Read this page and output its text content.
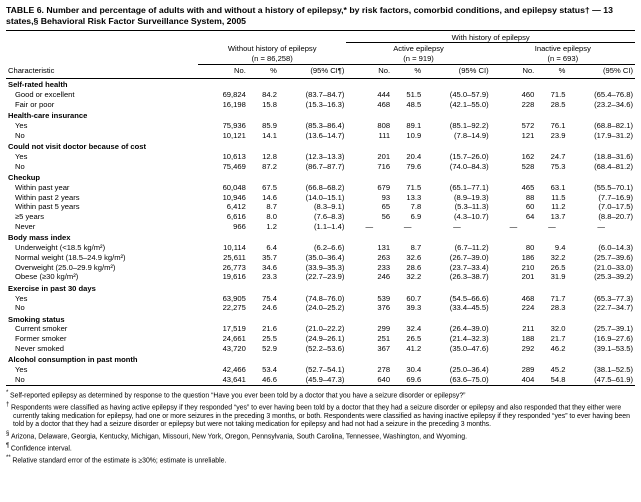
TABLE 6. Number and percentage of adults with and without a history of epilepsy,* by risk factors, comorbid conditions, and epilepsy status† — 13 states,§ Behavioral Risk Factor Surveillance System, 2005
				With history of epilepsy					

Without history of epilepsy
(n = 86,258)

Active epilepsy
(n = 919)

Inactive epilepsy
(n = 693)

Characteristic	No.	%	(95% CI¶)	No.	%	(95% CI)	No.	%	(95% CI)
Self-rated health									
Good or excellent	69,824	84.2	(83.7–84.7)	444	51.5	(45.0–57.9)	460	71.5	(65.4–76.8)
Fair or poor	16,198	15.8	(15.3–16.3)	468	48.5	(42.1–55.0)	228	28.5	(23.2–34.6)
Health-care insurance									
Yes	75,936	85.9	(85.3–86.4)	808	89.1	(85.1–92.2)	572	76.1	(68.8–82.1)
No	10,121	14.1	(13.6–14.7)	111	10.9	(7.8–14.9)	121	23.9	(17.9–31.2)
Could not visit doctor because of cost									
Yes	10,613	12.8	(12.3–13.3)	201	20.4	(15.7–26.0)	162	24.7	(18.8–31.6)
No	75,469	87.2	(86.7–87.7)	716	79.6	(74.0–84.3)	528	75.3	(68.4–81.2)
Checkup									
Within past year	60,048	67.5	(66.8–68.2)	679	71.5	(65.1–77.1)	465	63.1	(55.5–70.1)
Within past 2 years	10,946	14.6	(14.0–15.1)	93	13.3	(8.9–19.3)	88	11.5	(7.7–16.9)
Within past 5 years	6,412	8.7	(8.3–9.1)	65	7.8	(5.3–11.3)	60	11.2	(7.0–17.5)
≥5 years	6,616	8.0	(7.6–8.3)	56	6.9	(4.3–10.7)	64	13.7	(8.8–20.7)
Never	966	1.2	(1.1–1.4)	—	—	—	—	—	—
Body mass index									
Underweight (<18.5 kg/m²)	10,114	6.4	(6.2–6.6)	131	8.7	(6.7–11.2)	80	9.4	(6.0–14.3)
Normal weight (18.5–24.9 kg/m²)	25,611	35.7	(35.0–36.4)	263	32.6	(26.7–39.0)	186	32.2	(25.7–39.6)
Overweight (25.0–29.9 kg/m²)	26,773	34.6	(33.9–35.3)	233	28.6	(23.7–33.4)	210	26.5	(21.0–33.0)
Obese (≥30 kg/m²)	19,616	23.3	(22.7–23.9)	246	32.2	(26.3–38.7)	201	31.9	(25.3–39.2)
Exercise in past 30 days									
Yes	63,905	75.4	(74.8–76.0)	539	60.7	(54.5–66.6)	468	71.7	(65.3–77.3)
No	22,275	24.6	(24.0–25.2)	376	39.3	(33.4–45.5)	224	28.3	(22.7–34.7)
Smoking status									
Current smoker	17,519	21.6	(21.0–22.2)	299	32.4	(26.4–39.0)	211	32.0	(25.7–39.1)
Former smoker	24,661	25.5	(24.9–26.1)	251	26.5	(21.4–32.3)	188	21.7	(16.9–27.6)
Never smoked	43,720	52.9	(52.2–53.6)	367	41.2	(35.0–47.6)	292	46.2	(39.1–53.5)
Alcohol consumption in past month									
Yes	42,466	53.4	(52.7–54.1)	278	30.4	(25.0–36.4)	289	45.2	(38.1–52.5)
No	43,641	46.6	(45.9–47.3)	640	69.6	(63.6–75.0)	404	54.8	(47.5–61.9)
* Self-reported epilepsy as determined by response to the question “Have you ever been told by a doctor that you have a seizure disorder or epilepsy?”
† Respondents were classified as having active epilepsy if they responded “yes” to ever having been told by a doctor that they had a seizure disorder or epilepsy and also responded that they either were currently taking medication for epilepsy, had one or more seizures in the preceding 3 months, or both. Respondents were classified as having inactive epilepsy if they responded “yes” to ever having been told by a doctor that they had a seizure disorder or epilepsy but were not taking medication for epilepsy and had not had a seizure in the preceding 3 months.
§ Arizona, Delaware, Georgia, Kentucky, Michigan, Missouri, New York, Oregon, Pennsylvania, South Carolina, Tennessee, Washington, and Wyoming.
¶ Confidence interval.
** Relative standard error of the estimate is ≥30%; estimate is unreliable.
